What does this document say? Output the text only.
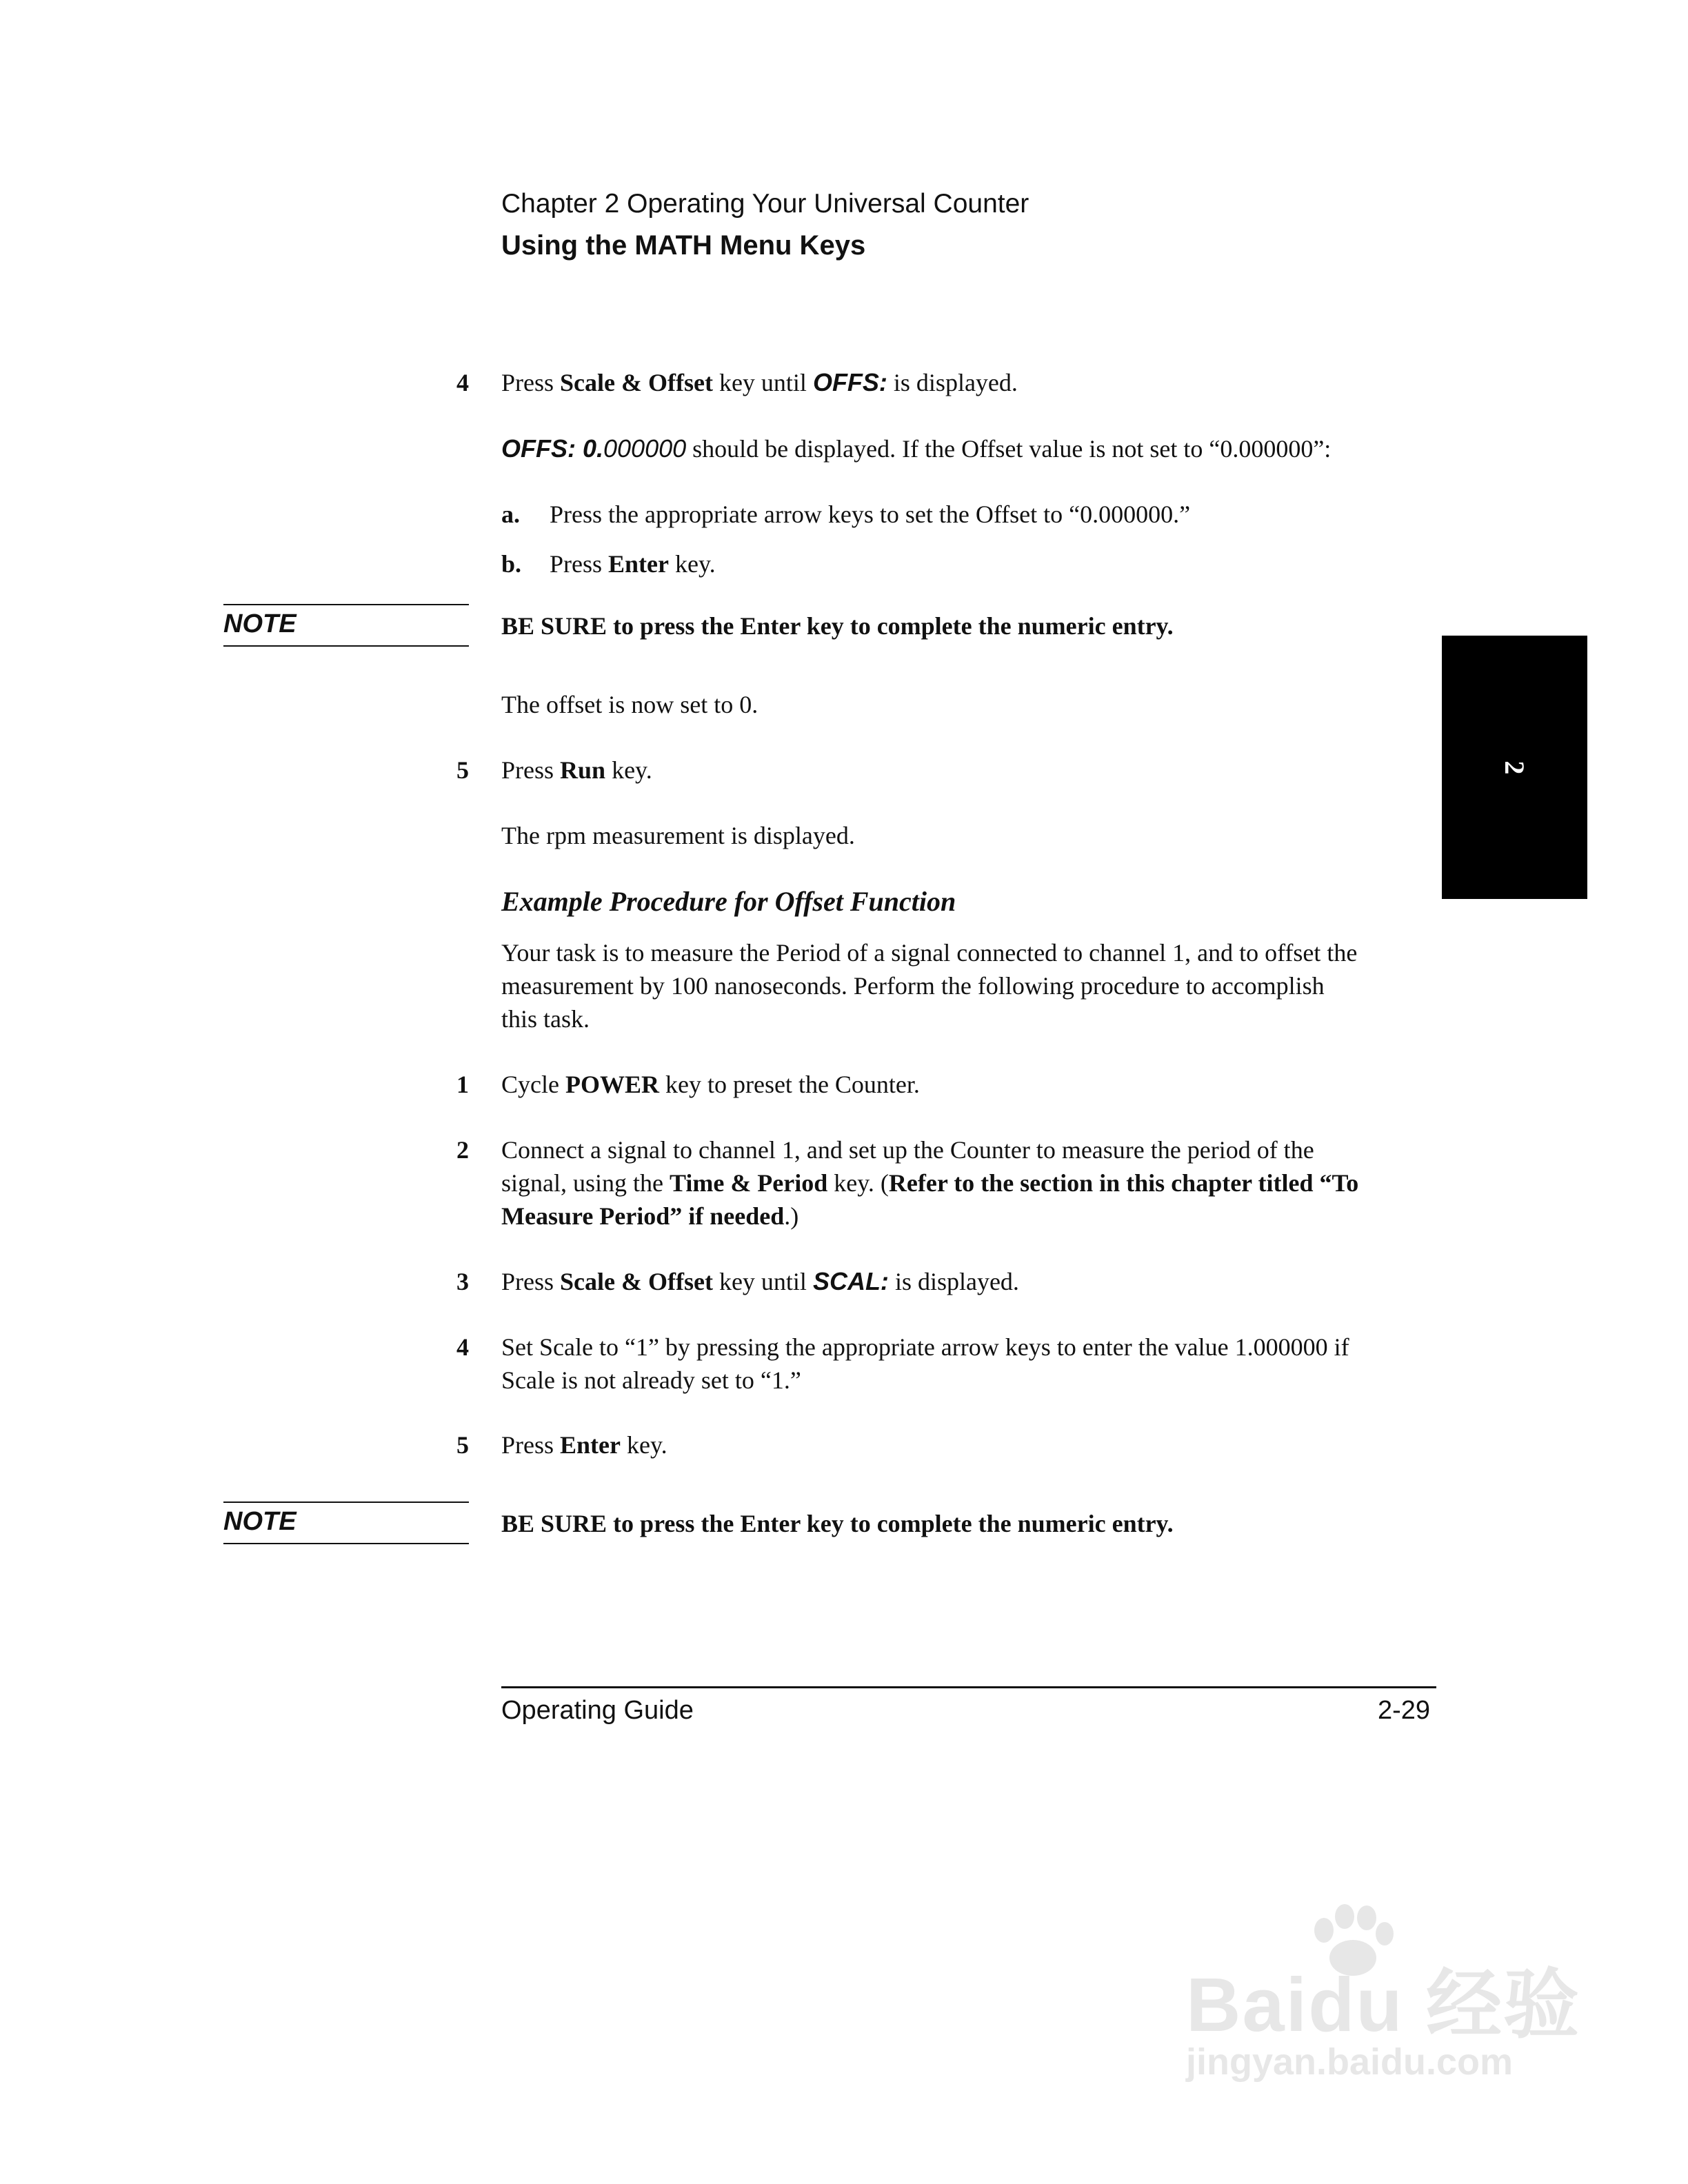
Chapter 2 Operating Your Universal Counter
Using the MATH Menu Keys
4 Press Scale & Offset key until OFFS: is displayed.
OFFS: 0.000000 should be displayed. If the Offset value is not set to “0.000000”:
a. Press the appropriate arrow keys to set the Offset to “0.000000.”
b. Press Enter key.
NOTE	BE SURE to press the Enter key to complete the numeric entry.
The offset is now set to 0.
5 Press Run key.
The rpm measurement is displayed.
Example Procedure for Offset Function
Your task is to measure the Period of a signal connected to channel 1, and to offset the
measurement by 100 nanoseconds. Perform the following procedure to accomplish
this task.
1 Cycle POWER key to preset the Counter.
2 Connect a signal to channel 1, and set up the Counter to measure the period of the
signal, using the Time & Period key. (Refer to the section in this chapter titled “To
Measure Period” if needed.)
3 Press Scale & Offset key until SCAL: is displayed.
4 Set Scale to “1” by pressing the appropriate arrow keys to enter the value 1.000000 if
Scale is not already set to “1.”
5 Press Enter key.
NOTE	BE SURE to press the Enter key to complete the numeric entry.
2
Operating Guide	2-29
Baidu 经验
jingyan.baidu.com
